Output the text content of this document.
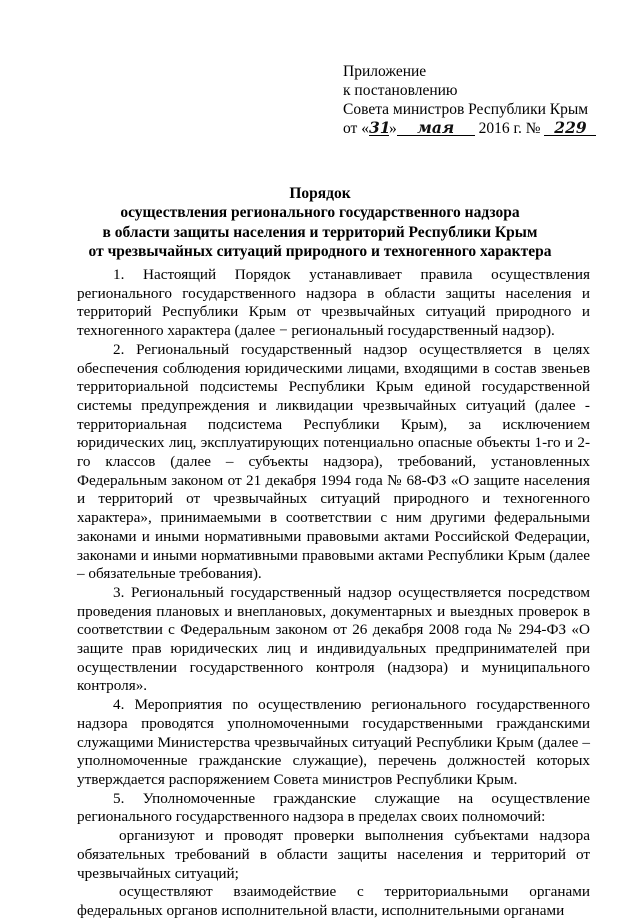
Приложение
к постановлению
Совета министров Республики Крым
от «31» мая 2016 г. № 229
Порядок
осуществления регионального государственного надзора
в области защиты населения и территорий Республики Крым
от чрезвычайных ситуаций природного и техногенного характера

1. Настоящий Порядок устанавливает правила осуществления регионального государственного надзора в области защиты населения и территорий Республики Крым от чрезвычайных ситуаций природного и техногенного характера (далее − региональный государственный надзор).

2. Региональный государственный надзор осуществляется в целях обеспечения соблюдения юридическими лицами, входящими в состав звеньев территориальной подсистемы Республики Крым единой государственной системы предупреждения и ликвидации чрезвычайных ситуаций (далее - территориальная подсистема Республики Крым), за исключением юридических лиц, эксплуатирующих потенциально опасные объекты 1-го и 2-го классов (далее – субъекты надзора), требований, установленных Федеральным законом от 21 декабря 1994 года № 68-ФЗ «О защите населения и территорий от чрезвычайных ситуаций природного и техногенного характера», принимаемыми в соответствии с ним другими федеральными законами и иными нормативными правовыми актами Российской Федерации, законами и иными нормативными правовыми актами Республики Крым (далее – обязательные требования).

3. Региональный государственный надзор осуществляется посредством проведения плановых и внеплановых, документарных и выездных проверок в соответствии с Федеральным законом от 26 декабря 2008 года № 294-ФЗ «О защите прав юридических лиц и индивидуальных предпринимателей при осуществлении государственного контроля (надзора) и муниципального контроля».

4. Мероприятия по осуществлению регионального государственного надзора проводятся уполномоченными государственными гражданскими служащими Министерства чрезвычайных ситуаций Республики Крым (далее – уполномоченные гражданские служащие), перечень должностей которых утверждается распоряжением Совета министров Республики Крым.

5. Уполномоченные гражданские служащие на осуществление регионального государственного надзора в пределах своих полномочий:

организуют и проводят проверки выполнения субъектами надзора обязательных требований в области защиты населения и территорий от чрезвычайных ситуаций;

осуществляют взаимодействие с территориальными органами федеральных органов исполнительной власти, исполнительными органами
